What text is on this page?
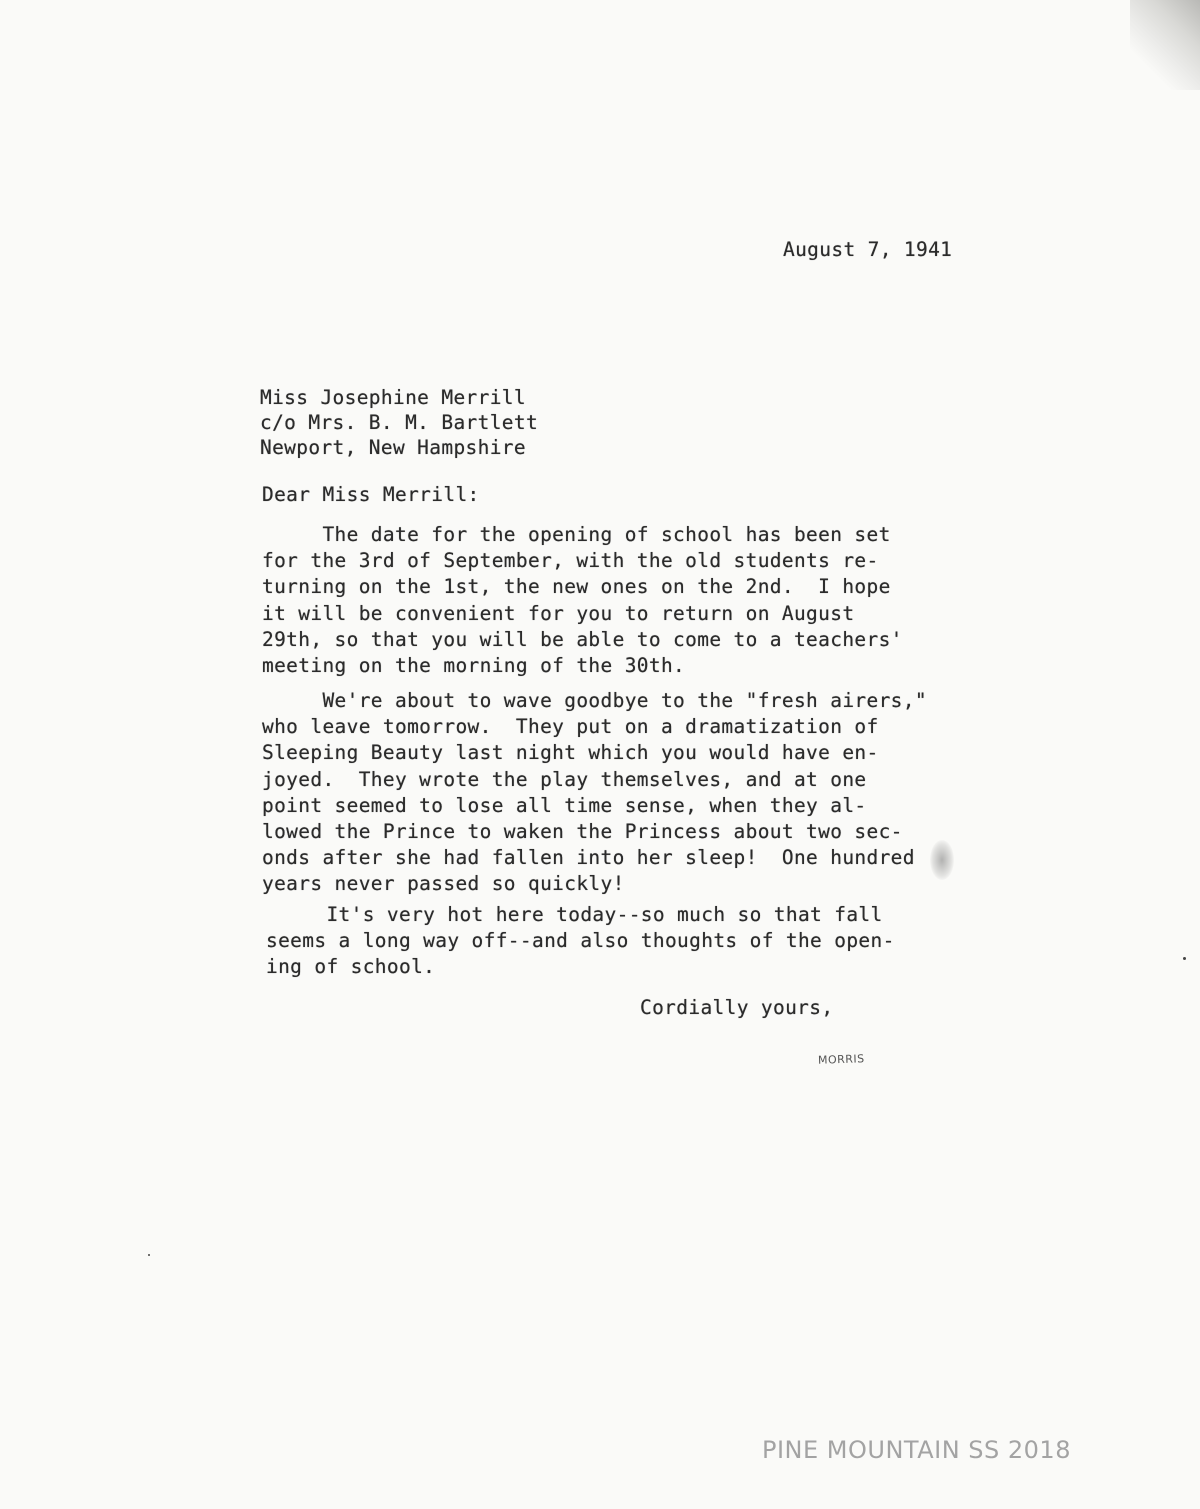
August 7, 1941
Miss Josephine Merrill
c/o Mrs. B. M. Bartlett
Newport, New Hampshire
Dear Miss Merrill:
The date for the opening of school has been set
for the 3rd of September, with the old students re-
turning on the 1st, the new ones on the 2nd.  I hope
it will be convenient for you to return on August
29th, so that you will be able to come to a teachers'
meeting on the morning of the 30th.
We're about to wave goodbye to the "fresh airers,"
who leave tomorrow.  They put on a dramatization of
Sleeping Beauty last night which you would have en-
joyed.  They wrote the play themselves, and at one
point seemed to lose all time sense, when they al-
lowed the Prince to waken the Princess about two sec-
onds after she had fallen into her sleep!  One hundred
years never passed so quickly!
It's very hot here today--so much so that fall
seems a long way off--and also thoughts of the open-
ing of school.
Cordially yours,
MORRIS
PINE MOUNTAIN SS 2018
